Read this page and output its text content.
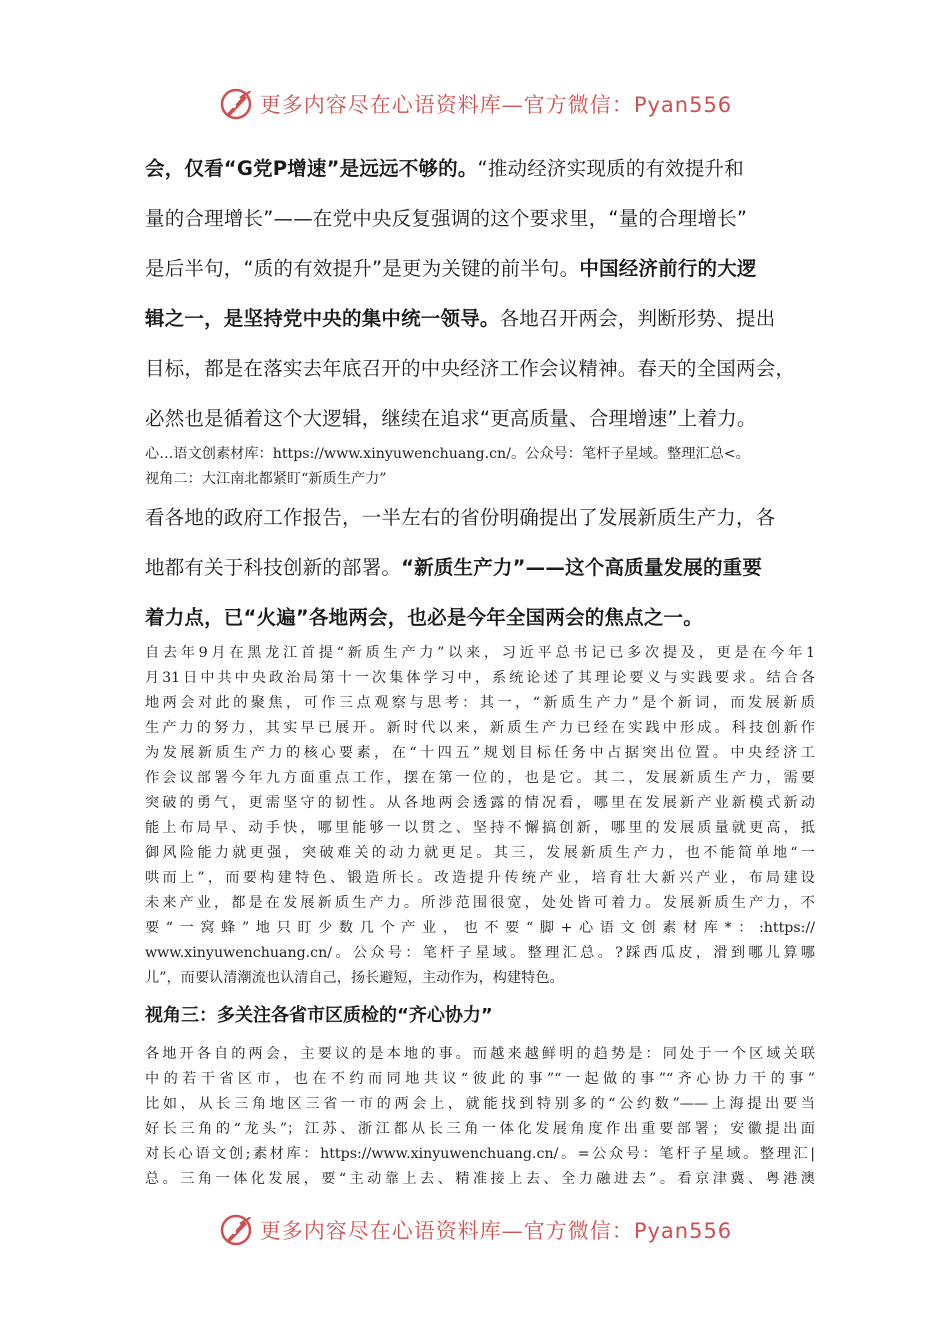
更多内容尽在心语资料库—官方微信：Pyan556
会，仅看“G党P增速”是远远不够的。“推动经济实现质的有效提升和
量的合理增长”——在党中央反复强调的这个要求里，“量的合理增长”
是后半句，“质的有效提升”是更为关键的前半句。中国经济前行的大逻
辑之一，是坚持党中央的集中统一领导。各地召开两会，判断形势、提出
目标，都是在落实去年底召开的中央经济工作会议精神。春天的全国两会，
必然也是循着这个大逻辑，继续在追求“更高质量、合理增速”上着力。
心…语文创素材库：https://www.xinyuwenchuang.cn/。公众号：笔杆子星域。整理汇总<。
视角二：大江南北都紧盯“新质生产力”
看各地的政府工作报告，一半左右的省份明确提出了发展新质生产力，各
地都有关于科技创新的部署。“新质生产力”——这个高质量发展的重要
着力点，已“火遍”各地两会，也必是今年全国两会的焦点之一。
自去年9月在黑龙江首提“新质生产力”以来，习近平总书记已多次提及，更是在今年1
月31日中共中央政治局第十一次集体学习中，系统论述了其理论要义与实践要求。结合各
地两会对此的聚焦，可作三点观察与思考：其一，“新质生产力”是个新词，而发展新质
生产力的努力，其实早已展开。新时代以来，新质生产力已经在实践中形成。科技创新作
为发展新质生产力的核心要素，在“十四五”规划目标任务中占据突出位置。中央经济工
作会议部署今年九方面重点工作，摆在第一位的，也是它。其二，发展新质生产力，需要
突破的勇气，更需坚守的韧性。从各地两会透露的情况看，哪里在发展新产业新模式新动
能上布局早、动手快，哪里能够一以贯之、坚持不懈搞创新，哪里的发展质量就更高，抵
御风险能力就更强，突破难关的动力就更足。其三，发展新质生产力，也不能简单地“一
哄而上”，而要构建特色、锻造所长。改造提升传统产业，培育壮大新兴产业，布局建设
未来产业，都是在发展新质生产力。所涉范围很宽，处处皆可着力。发展新质生产力，不
要“一窝蜂”地只盯少数几个产业，也不要“脚+心语文创素材库*：:https://
www.xinyuwenchuang.cn/。公众号：笔杆子星域。整理汇总。?踩西瓜皮，滑到哪儿算哪
儿”，而要认清潮流也认清自己，扬长避短，主动作为，构建特色。
视角三：多关注各省市区质检的“齐心协力”
各地开各自的两会，主要议的是本地的事。而越来越鲜明的趋势是：同处于一个区域关联
中的若干省区市，也在不约而同地共议“彼此的事”“一起做的事”“齐心协力干的事”
比如，从长三角地区三省一市的两会上，就能找到特别多的“公约数”——上海提出要当
好长三角的“龙头”；江苏、浙江都从长三角一体化发展角度作出重要部署；安徽提出面
对长心语文创;素材库：https://www.xinyuwenchuang.cn/。=公众号：笔杆子星域。整理汇|
总。三角一体化发展，要“主动靠上去、精准接上去、全力融进去”。看京津冀、粤港澳
更多内容尽在心语资料库—官方微信：Pyan556
